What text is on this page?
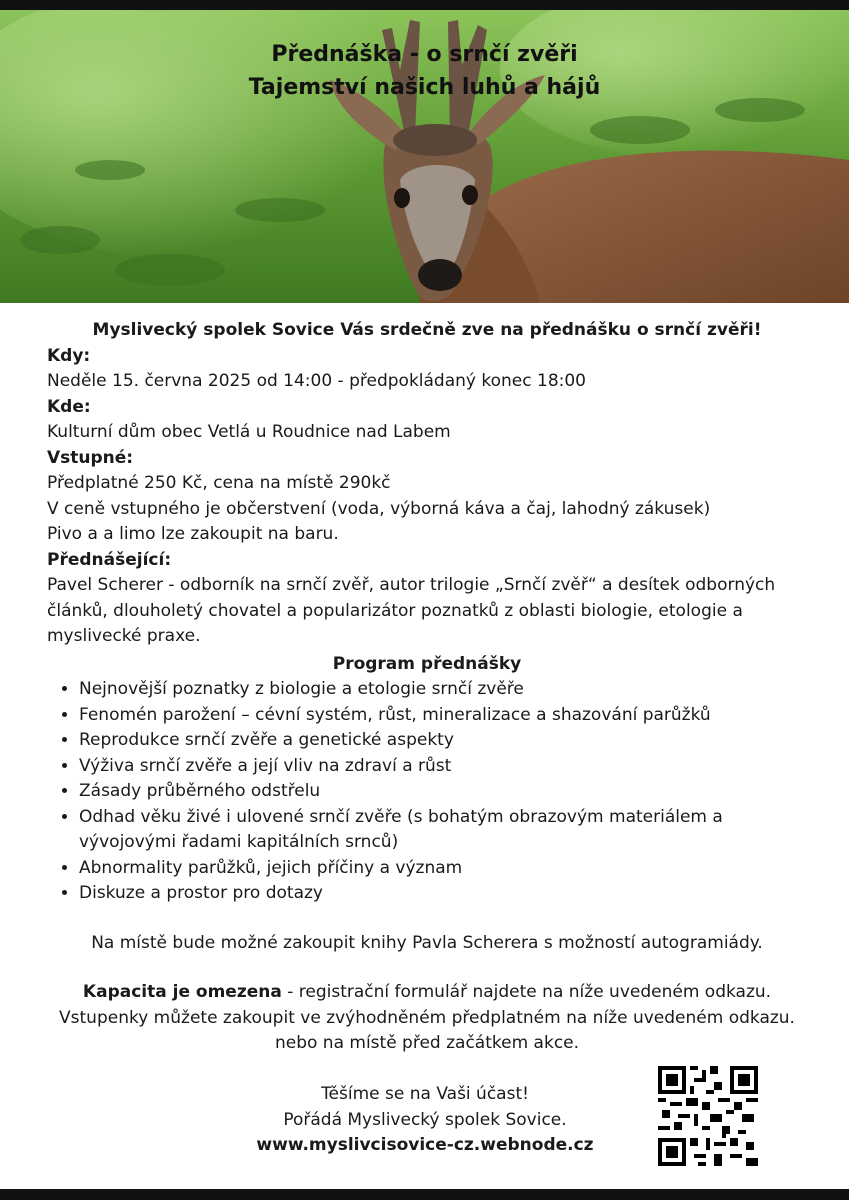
Přednáška - o srnčí zvěři
Tajemství našich luhů a hájů
Myslivecký spolek Sovice Vás srdečně zve na přednášku o srnčí zvěři!
Kdy:
Neděle 15. června 2025 od 14:00 - předpokládaný konec 18:00
Kde:
Kulturní dům obec Vetlá u Roudnice nad Labem
Vstupné:
Předplatné 250 Kč, cena na místě 290kč
V ceně vstupného je občerstvení (voda, výborná káva a čaj, lahodný zákusek)
Pivo a a limo lze zakoupit na baru.
Přednášející:
Pavel Scherer - odborník na srnčí zvěř, autor trilogie „Srnčí zvěř“ a desítek odborných článků, dlouholetý chovatel a popularizátor poznatků z oblasti biologie, etologie a myslivecké praxe.
Program přednášky
• Nejnovější poznatky z biologie a etologie srnčí zvěře
• Fenomén parožení – cévní systém, růst, mineralizace a shazování parůžků
• Reprodukce srnčí zvěře a genetické aspekty
• Výživa srnčí zvěře a její vliv na zdraví a růst
• Zásady průběrného odstřelu
• Odhad věku živé i ulovené srnčí zvěře (s bohatým obrazovým materiálem a vývojovými řadami kapitálních srnců)
• Abnormality parůžků, jejich příčiny a význam
• Diskuze a prostor pro dotazy
Na místě bude možné zakoupit knihy Pavla Scherera s možností autogramiády.
Kapacita je omezena - registrační formulář najdete na níže uvedeném odkazu. Vstupenky můžete zakoupit ve zvýhodněném předplatném na níže uvedeném odkazu. nebo na místě před začátkem akce.
Těšíme se na Vaši účast!
Pořádá Myslivecký spolek Sovice.
www.myslivcisovice-cz.webnode.cz
